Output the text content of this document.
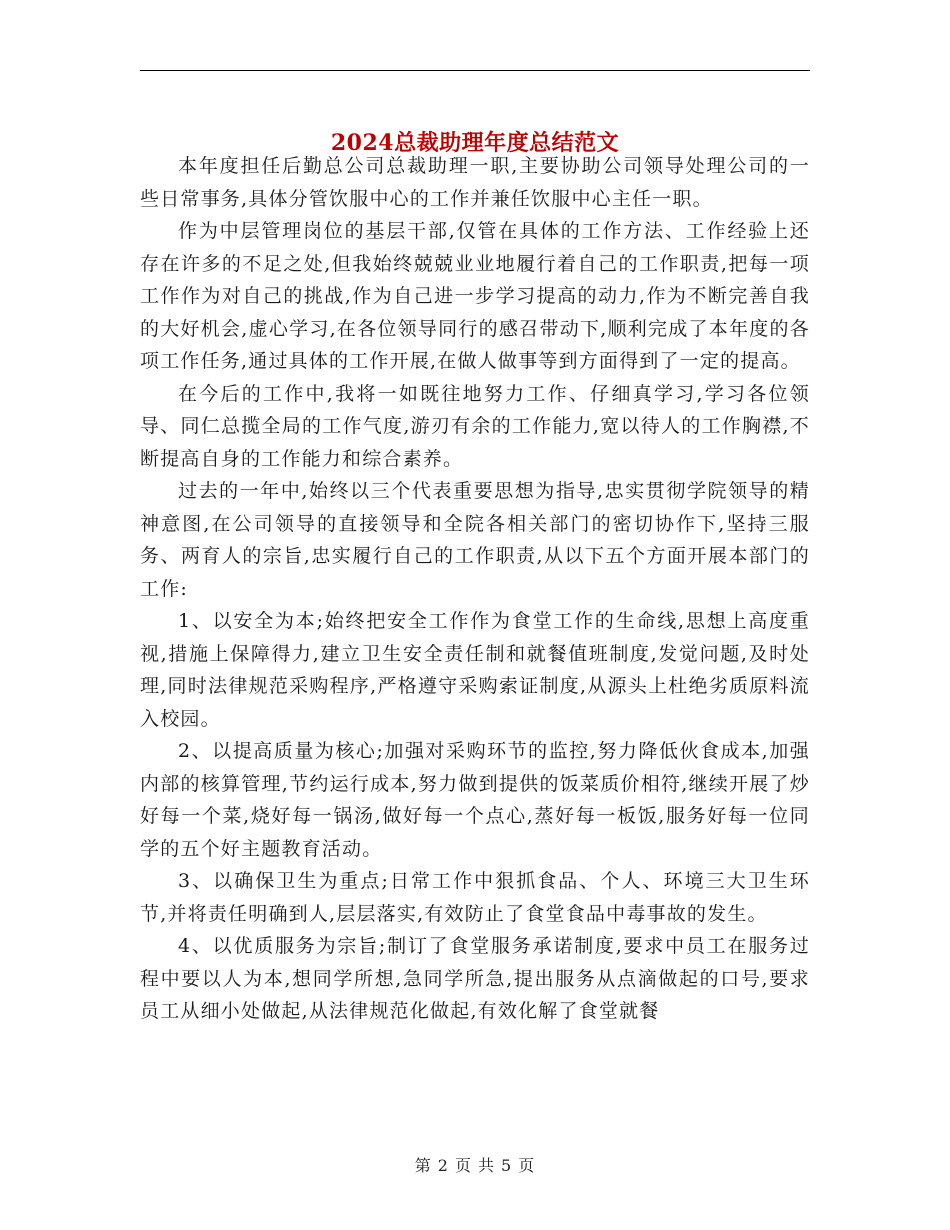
2024总裁助理年度总结范文

本年度担任后勤总公司总裁助理一职,主要协助公司领导处理公司的一些日常事务,具体分管饮服中心的工作并兼任饮服中心主任一职。

作为中层管理岗位的基层干部,仅管在具体的工作方法、工作经验上还存在许多的不足之处,但我始终兢兢业业地履行着自己的工作职责,把每一项工作作为对自己的挑战,作为自己进一步学习提高的动力,作为不断完善自我的大好机会,虚心学习,在各位领导同行的感召带动下,顺利完成了本年度的各项工作任务,通过具体的工作开展,在做人做事等到方面得到了一定的提高。

在今后的工作中,我将一如既往地努力工作、仔细真学习,学习各位领导、同仁总揽全局的工作气度,游刃有余的工作能力,宽以待人的工作胸襟,不断提高自身的工作能力和综合素养。

过去的一年中,始终以三个代表重要思想为指导,忠实贯彻学院领导的精神意图,在公司领导的直接领导和全院各相关部门的密切协作下,坚持三服务、两育人的宗旨,忠实履行自己的工作职责,从以下五个方面开展本部门的工作:

1、以安全为本;始终把安全工作作为食堂工作的生命线,思想上高度重视,措施上保障得力,建立卫生安全责任制和就餐值班制度,发觉问题,及时处理,同时法律规范采购程序,严格遵守采购索证制度,从源头上杜绝劣质原料流入校园。

2、以提高质量为核心;加强对采购环节的监控,努力降低伙食成本,加强内部的核算管理,节约运行成本,努力做到提供的饭菜质价相符,继续开展了炒好每一个菜,烧好每一锅汤,做好每一个点心,蒸好每一板饭,服务好每一位同学的五个好主题教育活动。

3、以确保卫生为重点;日常工作中狠抓食品、个人、环境三大卫生环节,并将责任明确到人,层层落实,有效防止了食堂食品中毒事故的发生。

4、以优质服务为宗旨;制订了食堂服务承诺制度,要求中员工在服务过程中要以人为本,想同学所想,急同学所急,提出服务从点滴做起的口号,要求员工从细小处做起,从法律规范化做起,有效化解了食堂就餐

第 2 页 共 5 页
